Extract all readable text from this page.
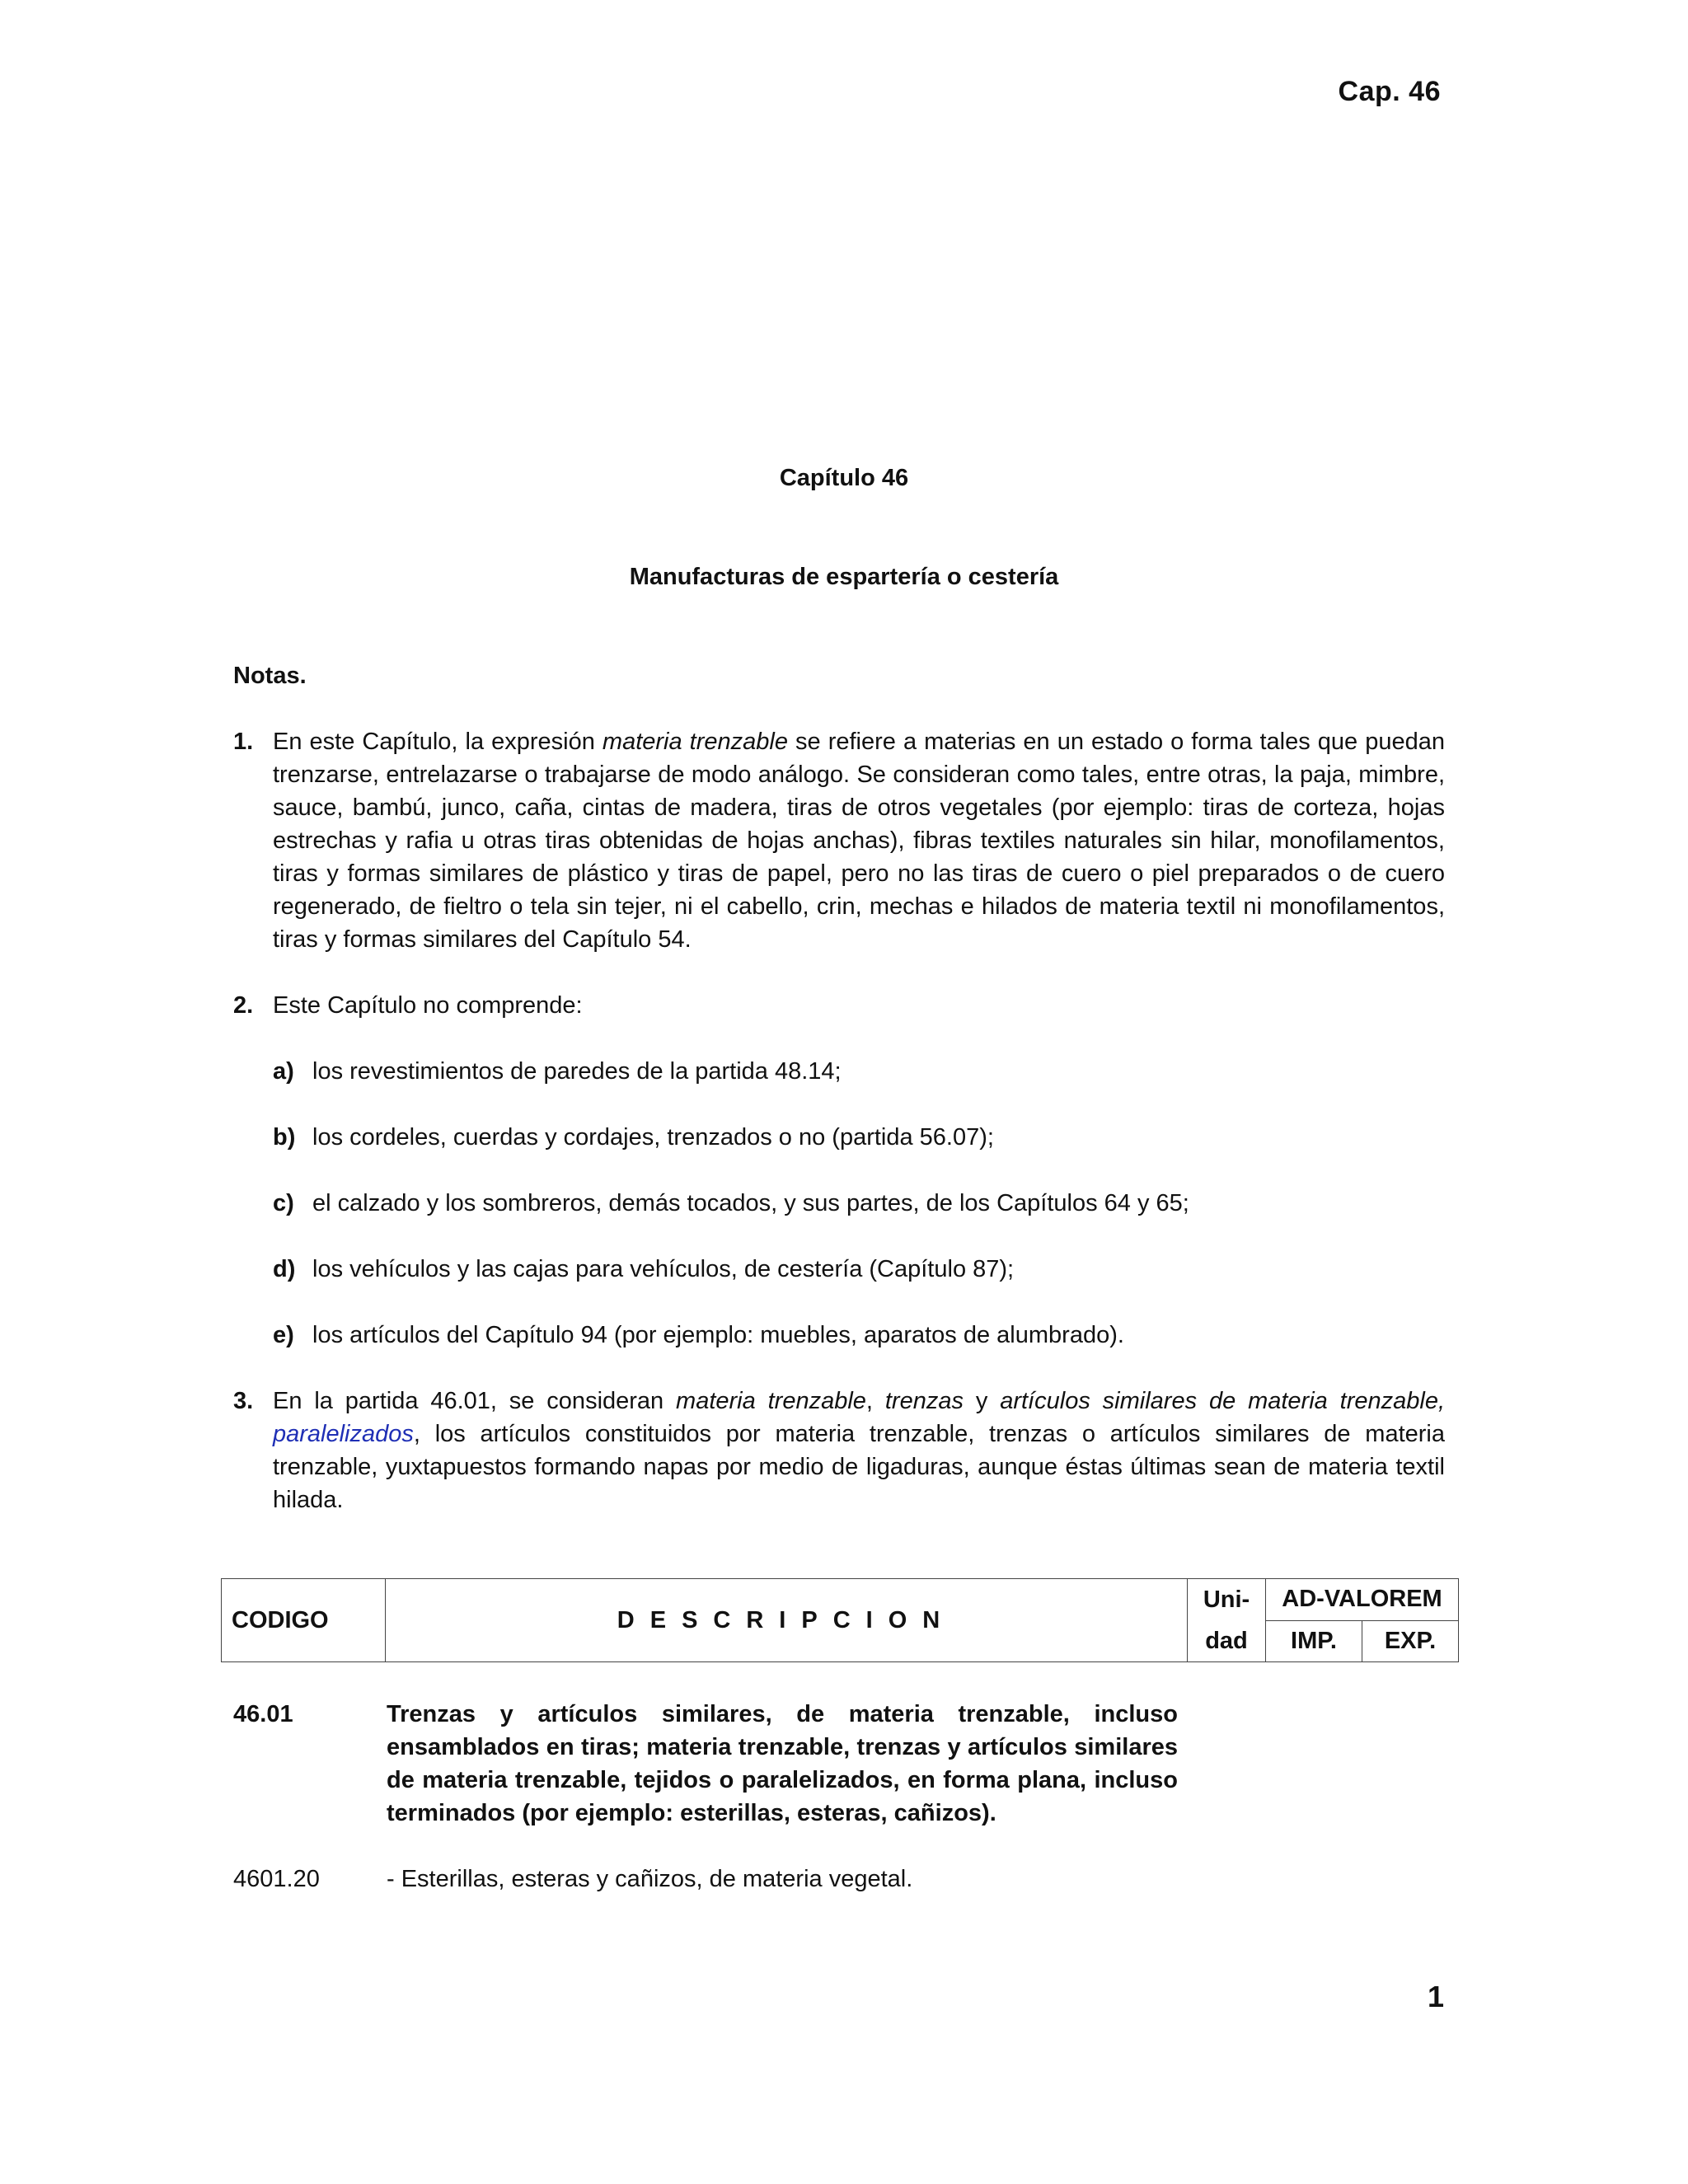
Cap. 46
Capítulo 46
Manufacturas de espartería o cestería
Notas.
1. En este Capítulo, la expresión materia trenzable se refiere a materias en un estado o forma tales que puedan trenzarse, entrelazarse o trabajarse de modo análogo. Se consideran como tales, entre otras, la paja, mimbre, sauce, bambú, junco, caña, cintas de madera, tiras de otros vegetales (por ejemplo: tiras de corteza, hojas estrechas y rafia u otras tiras obtenidas de hojas anchas), fibras textiles naturales sin hilar, monofilamentos, tiras y formas similares de plástico y tiras de papel, pero no las tiras de cuero o piel preparados o de cuero regenerado, de fieltro o tela sin tejer, ni el cabello, crin, mechas e hilados de materia textil ni monofilamentos, tiras y formas similares del Capítulo 54.
2. Este Capítulo no comprende:
a) los revestimientos de paredes de la partida 48.14;
b) los cordeles, cuerdas y cordajes, trenzados o no (partida 56.07);
c) el calzado y los sombreros, demás tocados, y sus partes, de los Capítulos 64 y 65;
d) los vehículos y las cajas para vehículos, de cestería (Capítulo 87);
e) los artículos del Capítulo 94 (por ejemplo: muebles, aparatos de alumbrado).
3. En la partida 46.01, se consideran materia trenzable, trenzas y artículos similares de materia trenzable, paralelizados, los artículos constituidos por materia trenzable, trenzas o artículos similares de materia trenzable, yuxtapuestos formando napas por medio de ligaduras, aunque éstas últimas sean de materia textil hilada.
CODIGO	DESCRIPCION	Uni-	AD-VALOREM	
		dad	IMP.	EXP.
46.01	Trenzas y artículos similares, de materia trenzable, incluso ensamblados en tiras; materia trenzable, trenzas y artículos similares de materia trenzable, tejidos o paralelizados, en forma plana, incluso terminados (por ejemplo: esterillas, esteras, cañizos).
4601.20	- Esterillas, esteras y cañizos, de materia vegetal.
1
